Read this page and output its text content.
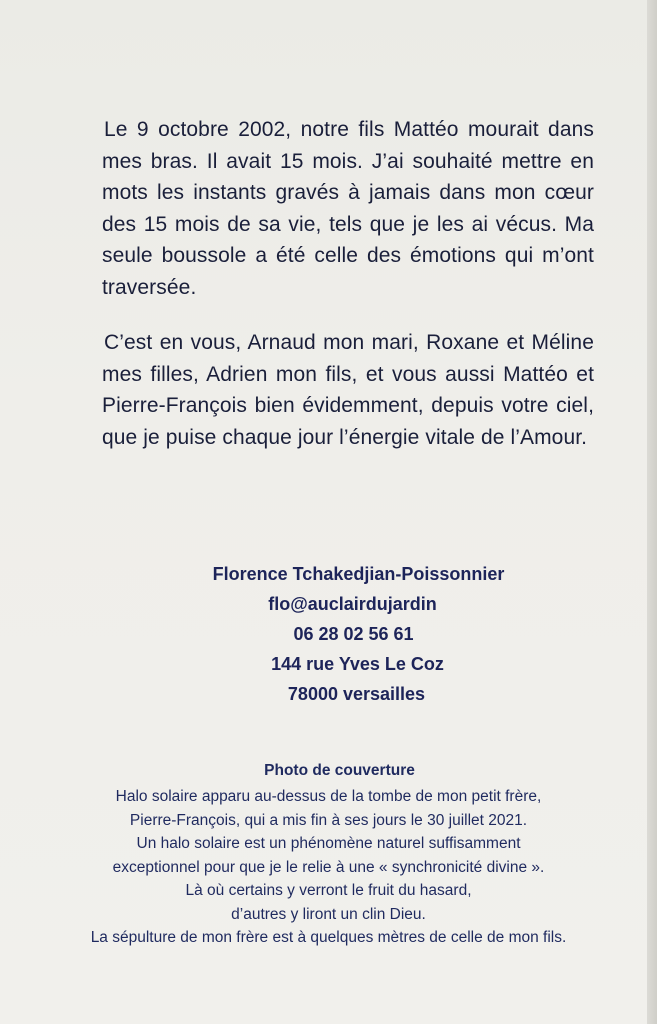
Le 9 octobre 2002, notre fils Mattéo mourait dans mes bras. Il avait 15 mois. J’ai souhaité mettre en mots les instants gravés à jamais dans mon cœur des 15 mois de sa vie, tels que je les ai vécus. Ma seule boussole a été celle des émotions qui m’ont traversée.

C’est en vous, Arnaud mon mari, Roxane et Méline mes filles, Adrien mon fils, et vous aussi Mattéo et Pierre-François bien évidemment, depuis votre ciel, que je puise chaque jour l’énergie vitale de l’Amour.

Florence Tchakedjian-Poissonnier
flo@auclairdujardin
06 28 02 56 61
144 rue Yves Le Coz
78000 versailles
Photo de couverture
Halo solaire apparu au-dessus de la tombe de mon petit frère,
Pierre-François, qui a mis fin à ses jours le 30 juillet 2021.
Un halo solaire est un phénomène naturel suffisamment
exceptionnel pour que je le relie à une « synchronicité divine ».
Là où certains y verront le fruit du hasard,
d’autres y liront un clin Dieu.
La sépulture de mon frère est à quelques mètres de celle de mon fils.
